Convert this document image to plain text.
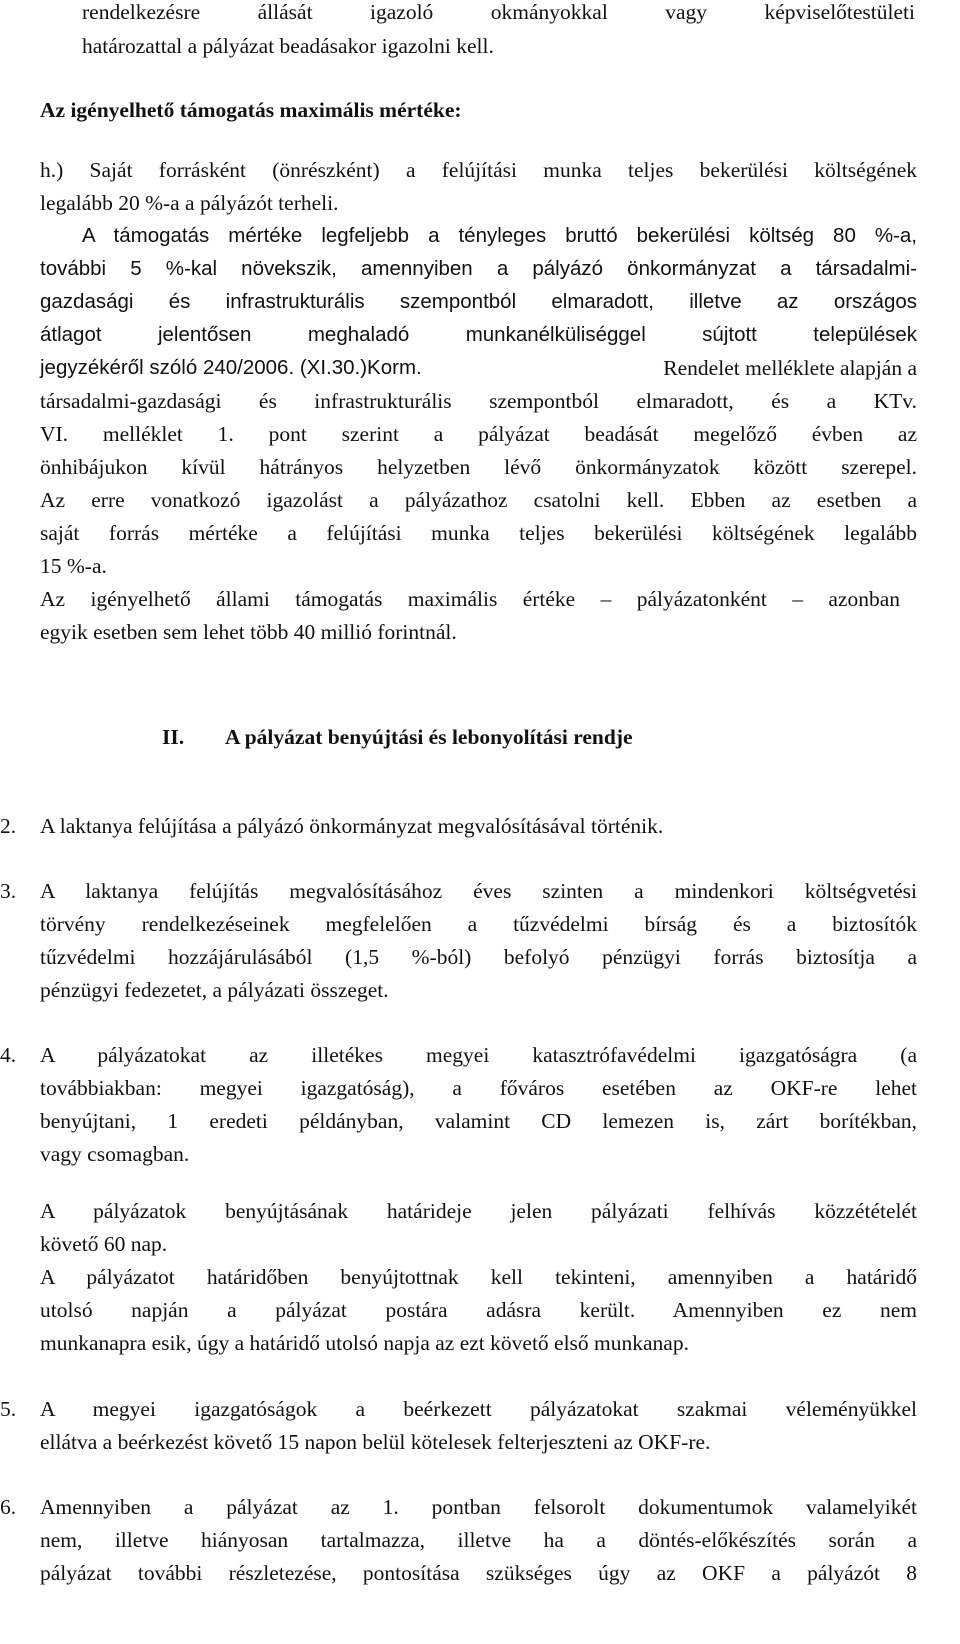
rendelkezésre állását igazoló okmányokkal vagy képviselőtestületi
határozattal a pályázat beadásakor igazolni kell.
Az igényelhető támogatás maximális mértéke:
h.) Saját forrásként (önrészként) a felújítási munka teljes bekerülési költségének
legalább 20 %-a a pályázót terheli.
A támogatás mértéke legfeljebb a tényleges bruttó bekerülési költség 80 %-a,
további 5 %-kal növekszik, amennyiben a pályázó önkormányzat a társadalmi-
gazdasági és infrastrukturális szempontból elmaradott, illetve az országos
átlagot jelentősen meghaladó munkanélküliséggel sújtott települések
jegyzékéről szóló 240/2006. (XI.30.)Korm.	Rendelet melléklete alapján a
társadalmi-gazdasági és infrastrukturális szempontból elmaradott, és a KTv.
VI. melléklet 1. pont szerint a pályázat beadását megelőző évben az
önhibájukon kívül hátrányos helyzetben lévő önkormányzatok között szerepel.
Az erre vonatkozó igazolást a pályázathoz csatolni kell. Ebben az esetben a
saját forrás mértéke a felújítási munka teljes bekerülési költségének legalább
15 %-a.
Az igényelhető állami támogatás maximális értéke – pályázatonként – azonban
egyik esetben sem lehet több 40 millió forintnál.
II. A pályázat benyújtási és lebonyolítási rendje
2. A laktanya felújítása a pályázó önkormányzat megvalósításával történik.
3. A laktanya felújítás megvalósításához éves szinten a mindenkori költségvetési
törvény rendelkezéseinek megfelelően a tűzvédelmi bírság és a biztosítók
tűzvédelmi hozzájárulásából (1,5 %-ból) befolyó pénzügyi forrás biztosítja a
pénzügyi fedezetet, a pályázati összeget.
4. A pályázatokat az illetékes megyei katasztrófavédelmi igazgatóságra (a
továbbiakban: megyei igazgatóság), a főváros esetében az OKF-re lehet
benyújtani, 1 eredeti példányban, valamint CD lemezen is, zárt borítékban,
vagy csomagban.
A pályázatok benyújtásának határideje jelen pályázati felhívás közzétételét
követő 60 nap.
A pályázatot határidőben benyújtottnak kell tekinteni, amennyiben a határidő
utolsó napján a pályázat postára adásra került. Amennyiben ez nem
munkanapra esik, úgy a határidő utolsó napja az ezt követő első munkanap.
5. A megyei igazgatóságok a beérkezett pályázatokat szakmai véleményükkel
ellátva a beérkezést követő 15 napon belül kötelesek felterjeszteni az OKF-re.
6. Amennyiben a pályázat az 1. pontban felsorolt dokumentumok valamelyikét
nem, illetve hiányosan tartalmazza, illetve ha a döntés-előkészítés során a
pályázat további részletezése, pontosítása szükséges úgy az OKF a pályázót 8
